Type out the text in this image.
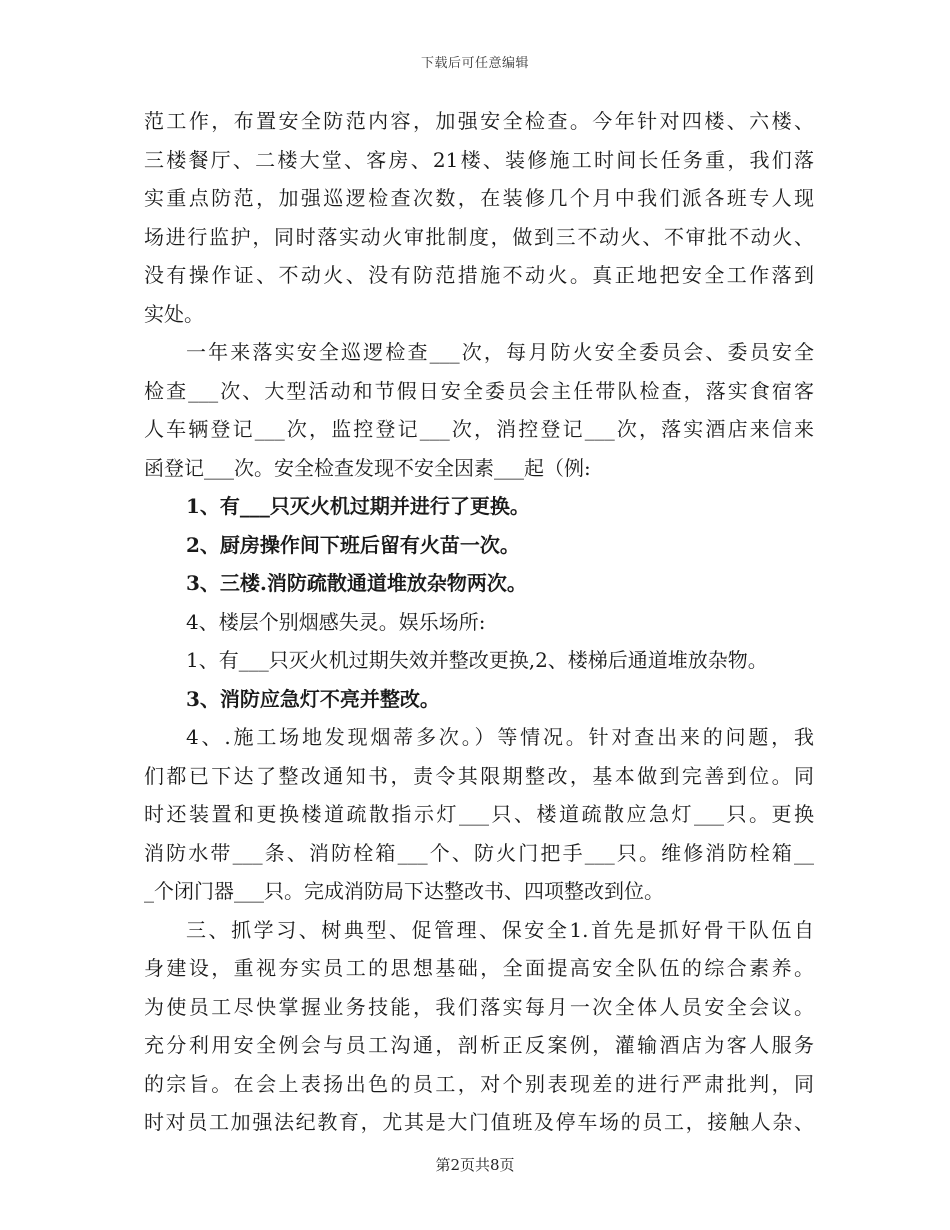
下载后可任意编辑
范工作，布置安全防范内容，加强安全检查。今年针对四楼、六楼、
三楼餐厅、二楼大堂、客房、21楼、装修施工时间长任务重，我们落
实重点防范，加强巡逻检查次数，在装修几个月中我们派各班专人现
场进行监护，同时落实动火审批制度，做到三不动火、不审批不动火、
没有操作证、不动火、没有防范措施不动火。真正地把安全工作落到
实处。
一年来落实安全巡逻检查___次，每月防火安全委员会、委员安全
检查___次、大型活动和节假日安全委员会主任带队检查，落实食宿客
人车辆登记___次，监控登记___次，消控登记___次，落实酒店来信来
函登记___次。安全检查发现不安全因素___起（例:
1、有___只灭火机过期并进行了更换。
2、厨房操作间下班后留有火苗一次。
3、三楼.消防疏散通道堆放杂物两次。
4、楼层个别烟感失灵。娱乐场所:
1、有___只灭火机过期失效并整改更换,2、楼梯后通道堆放杂物。
3、消防应急灯不亮并整改。
4、.施工场地发现烟蒂多次。）等情况。针对查出来的问题，我
们都已下达了整改通知书，责令其限期整改，基本做到完善到位。同
时还装置和更换楼道疏散指示灯___只、楼道疏散应急灯___只。更换
消防水带___条、消防栓箱___个、防火门把手___只。维修消防栓箱__
_个闭门器___只。完成消防局下达整改书、四项整改到位。
三、抓学习、树典型、促管理、保安全1.首先是抓好骨干队伍自
身建设，重视夯实员工的思想基础，全面提高安全队伍的综合素养。
为使员工尽快掌握业务技能，我们落实每月一次全体人员安全会议。
充分利用安全例会与员工沟通，剖析正反案例，灌输酒店为客人服务
的宗旨。在会上表扬出色的员工，对个别表现差的进行严肃批判，同
时对员工加强法纪教育，尤其是大门值班及停车场的员工，接触人杂、
第2页共8页
